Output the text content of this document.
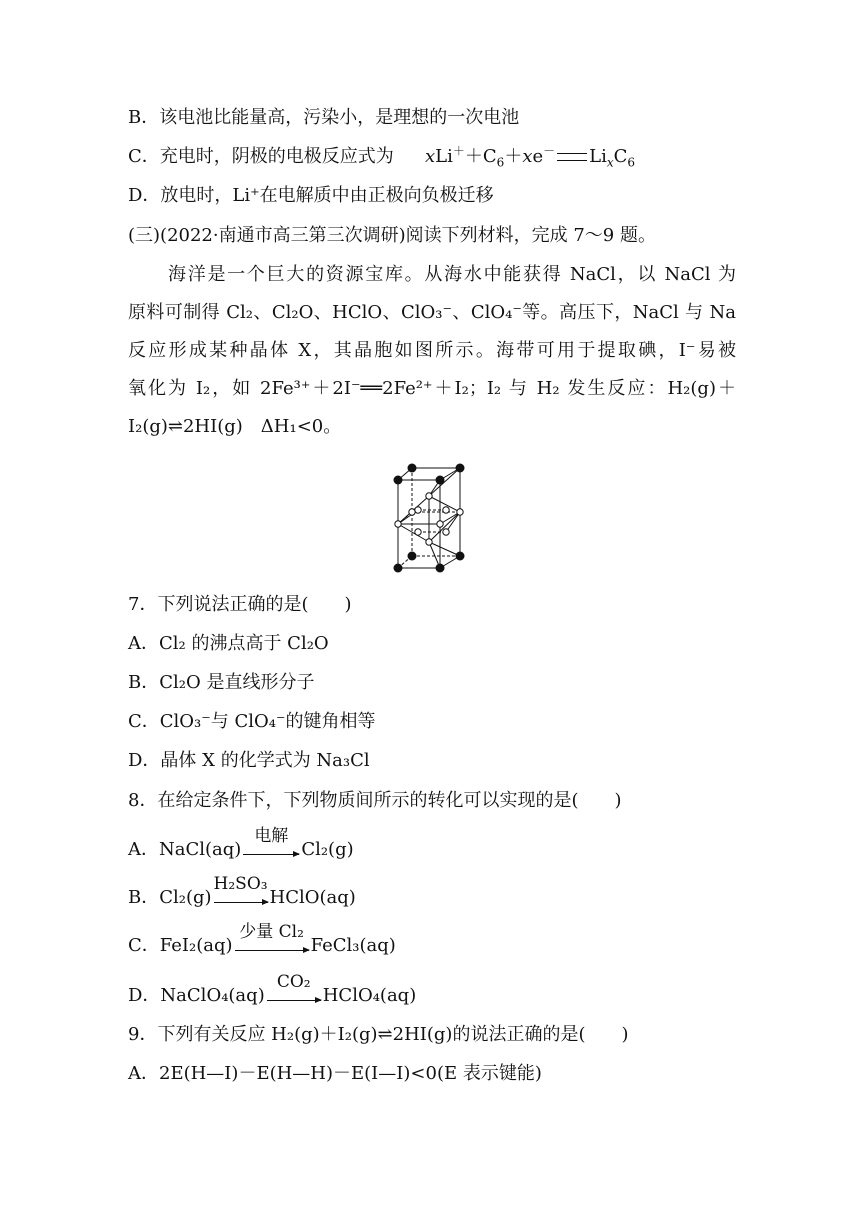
B．该电池比能量高，污染小，是理想的一次电池
C．充电时，阴极的电极反应式为 $xLi^++C_6+xe^-$ $Li_xC_6$
D．放电时，Li⁺在电解质中由正极向负极迁移
(三)(2022·南通市高三第三次调研)阅读下列材料，完成 7～9 题。
海洋是一个巨大的资源宝库。从海水中能获得 NaCl，以 NaCl 为
原料可制得 Cl₂、Cl₂O、HClO、ClO₃⁻、ClO₄⁻等。高压下，NaCl 与 Na
反应形成某种晶体 X，其晶胞如图所示。海带可用于提取碘，I⁻易被
氧化为 I₂，如 2Fe³⁺＋2I⁻══2Fe²⁺＋I₂；I₂ 与 H₂ 发生反应：H₂(g)＋
I₂(g)⇌2HI(g)　ΔH₁<0。
7．下列说法正确的是(　　)
A．Cl₂ 的沸点高于 Cl₂O
B．Cl₂O 是直线形分子
C．ClO₃⁻与 ClO₄⁻的键角相等
D．晶体 X 的化学式为 Na₃Cl
8．在给定条件下，下列物质间所示的转化可以实现的是(　　)
A．NaCl(aq)
电解
Cl₂(g)
B．Cl₂(g)
H₂SO₃
HClO(aq)
C．FeI₂(aq)
少量 Cl₂
FeCl₃(aq)
D．NaClO₄(aq)
CO₂
HClO₄(aq)
9．下列有关反应 H₂(g)＋I₂(g)⇌2HI(g)的说法正确的是(　　)
A．2E(H—I)－E(H—H)－E(I—I)<0(E 表示键能)
